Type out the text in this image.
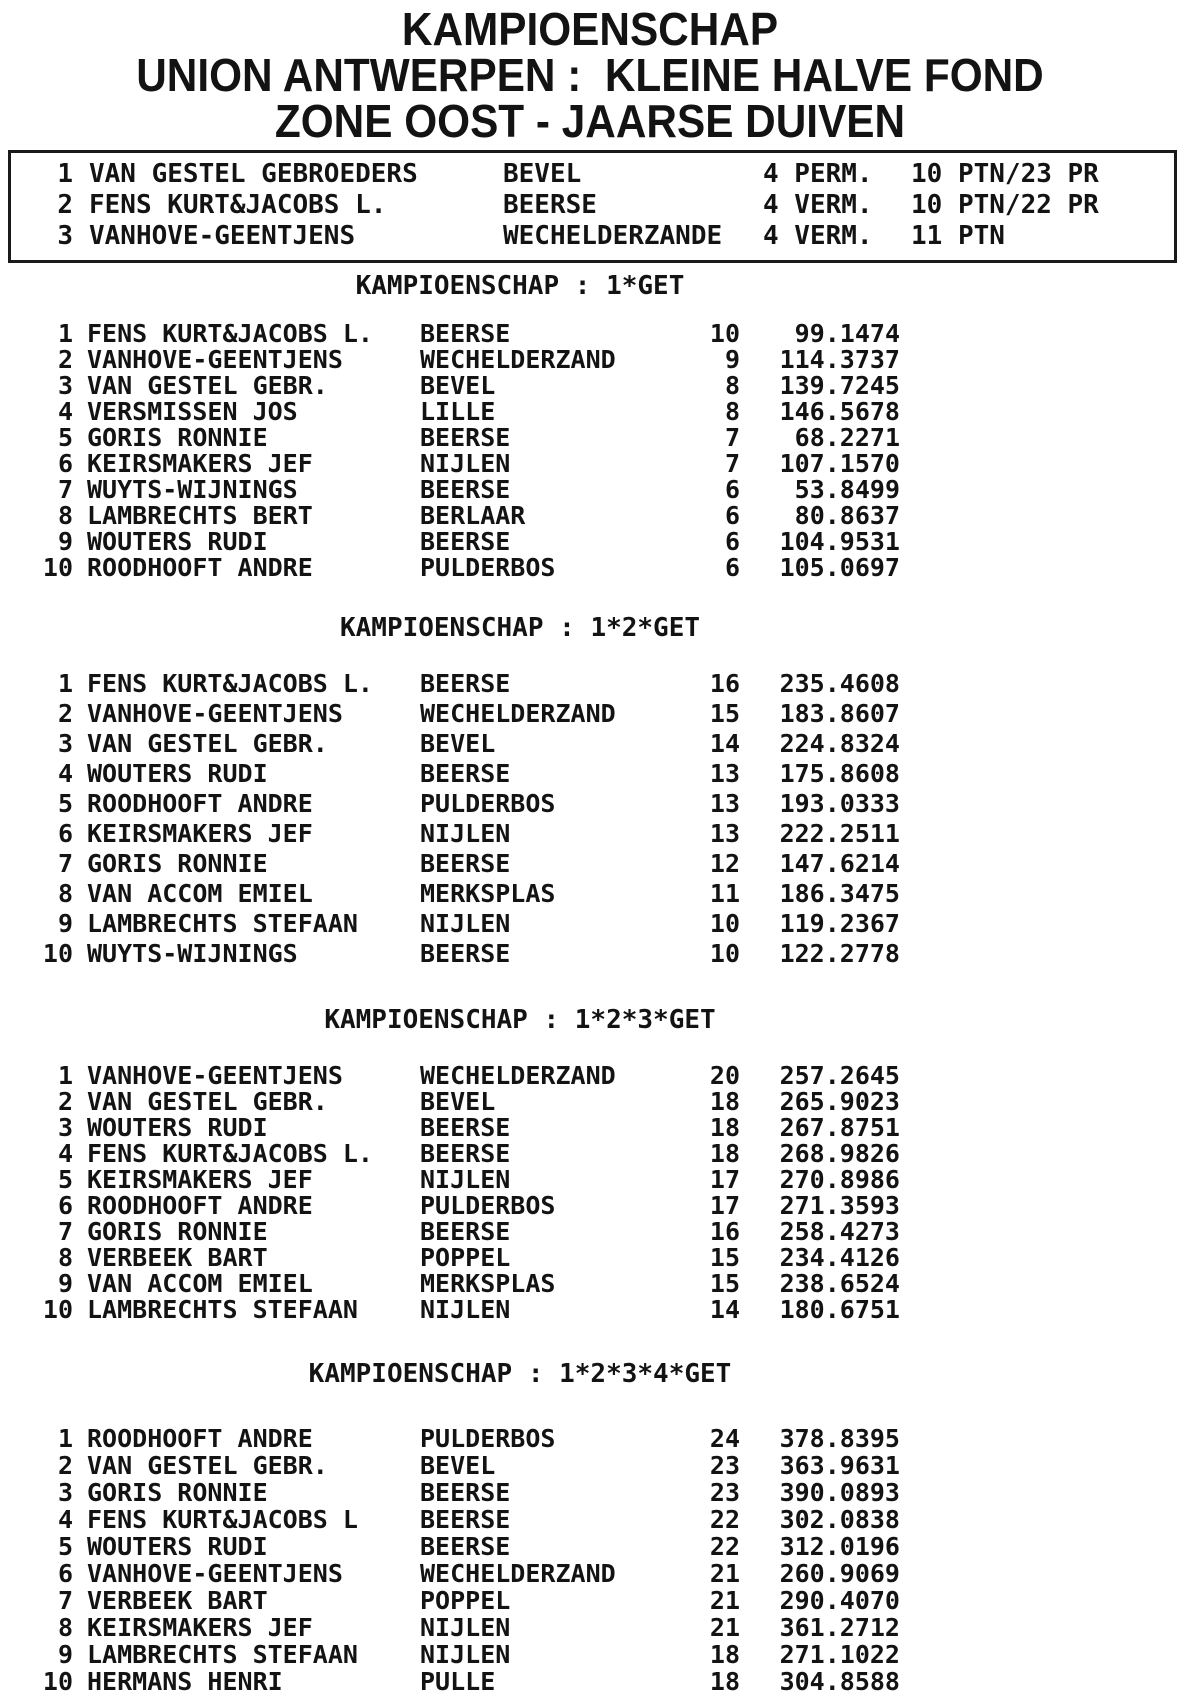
KAMPIOENSCHAP
UNION ANTWERPEN :  KLEINE HALVE FOND
ZONE OOST - JAARSE DUIVEN
1 VAN GESTEL GEBROEDERS	BEVEL	4 PERM.	10 PTN/23 PR
2 FENS KURT&JACOBS L.	BEERSE	4 VERM.	10 PTN/22 PR
3 VANHOVE-GEENTJENS	WECHELDERZANDE	4 VERM.	11 PTN
KAMPIOENSCHAP : 1*GET
1 FENS KURT&JACOBS L.	BEERSE	10	99.1474
2 VANHOVE-GEENTJENS	WECHELDERZAND	9	114.3737
3 VAN GESTEL GEBR.	BEVEL	8	139.7245
4 VERSMISSEN JOS	LILLE	8	146.5678
5 GORIS RONNIE	BEERSE	7	68.2271
6 KEIRSMAKERS JEF	NIJLEN	7	107.1570
7 WUYTS-WIJNINGS	BEERSE	6	53.8499
8 LAMBRECHTS BERT	BERLAAR	6	80.8637
9 WOUTERS RUDI	BEERSE	6	104.9531
10 ROODHOOFT ANDRE	PULDERBOS	6	105.0697
KAMPIOENSCHAP : 1*2*GET
1 FENS KURT&JACOBS L.	BEERSE	16	235.4608
2 VANHOVE-GEENTJENS	WECHELDERZAND	15	183.8607
3 VAN GESTEL GEBR.	BEVEL	14	224.8324
4 WOUTERS RUDI	BEERSE	13	175.8608
5 ROODHOOFT ANDRE	PULDERBOS	13	193.0333
6 KEIRSMAKERS JEF	NIJLEN	13	222.2511
7 GORIS RONNIE	BEERSE	12	147.6214
8 VAN ACCOM EMIEL	MERKSPLAS	11	186.3475
9 LAMBRECHTS STEFAAN	NIJLEN	10	119.2367
10 WUYTS-WIJNINGS	BEERSE	10	122.2778
KAMPIOENSCHAP : 1*2*3*GET
1 VANHOVE-GEENTJENS	WECHELDERZAND	20	257.2645
2 VAN GESTEL GEBR.	BEVEL	18	265.9023
3 WOUTERS RUDI	BEERSE	18	267.8751
4 FENS KURT&JACOBS L.	BEERSE	18	268.9826
5 KEIRSMAKERS JEF	NIJLEN	17	270.8986
6 ROODHOOFT ANDRE	PULDERBOS	17	271.3593
7 GORIS RONNIE	BEERSE	16	258.4273
8 VERBEEK BART	POPPEL	15	234.4126
9 VAN ACCOM EMIEL	MERKSPLAS	15	238.6524
10 LAMBRECHTS STEFAAN	NIJLEN	14	180.6751
KAMPIOENSCHAP : 1*2*3*4*GET
1 ROODHOOFT ANDRE	PULDERBOS	24	378.8395
2 VAN GESTEL GEBR.	BEVEL	23	363.9631
3 GORIS RONNIE	BEERSE	23	390.0893
4 FENS KURT&JACOBS L	BEERSE	22	302.0838
5 WOUTERS RUDI	BEERSE	22	312.0196
6 VANHOVE-GEENTJENS	WECHELDERZAND	21	260.9069
7 VERBEEK BART	POPPEL	21	290.4070
8 KEIRSMAKERS JEF	NIJLEN	21	361.2712
9 LAMBRECHTS STEFAAN	NIJLEN	18	271.1022
10 HERMANS HENRI	PULLE	18	304.8588
